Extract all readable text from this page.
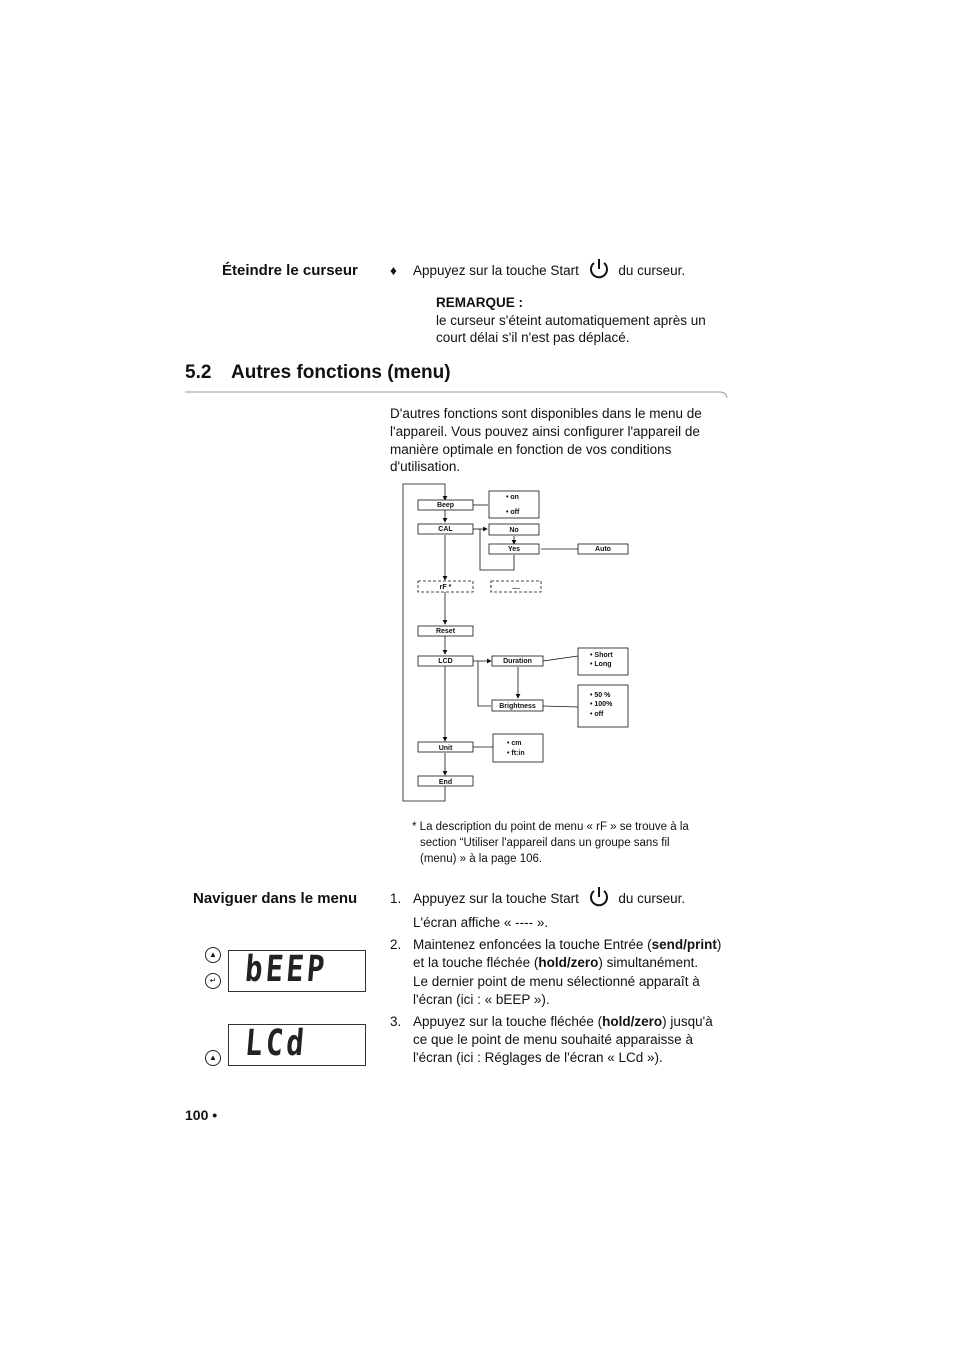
Éteindre le curseur ♦ Appuyez sur la touche Start	du curseur.
REMARQUE :
le curseur s'éteint automatiquement après un
court délai s'il n'est pas déplacé.
5.2 Autres fonctions (menu)
D'autres fonctions sont disponibles dans le menu de
l'appareil. Vous pouvez ainsi configurer l'appareil de
manière optimale en fonction de vos conditions
d'utilisation.
Beep
• on
• off
CAL	No
Yes	Auto
rF *	....
Reset
LCD	Duration
• Short
• Long
Brightness
• 50 %
• 100%
• off
Unit
• cm
• ft:in
End
* La description du point de menu « rF » se trouve à la
section “Utiliser l'appareil dans un groupe sans fil
(menu) » à la page 106.
Naviguer dans le menu 1. Appuyez sur la touche Start	du curseur.
L'écran affiche « ---- ».
2. Maintenez enfoncées la touche Entrée (send/print)
et la touche fléchée (hold/zero) simultanément.
Le dernier point de menu sélectionné apparaît à
l'écran (ici : « bEEP »).
3. Appuyez sur la touche fléchée (hold/zero) jusqu'à
ce que le point de menu souhaité apparaisse à
l'écran (ici : Réglages de l'écran « LCd »).
▲
↵ bEEP
▲ LCd
100 •
